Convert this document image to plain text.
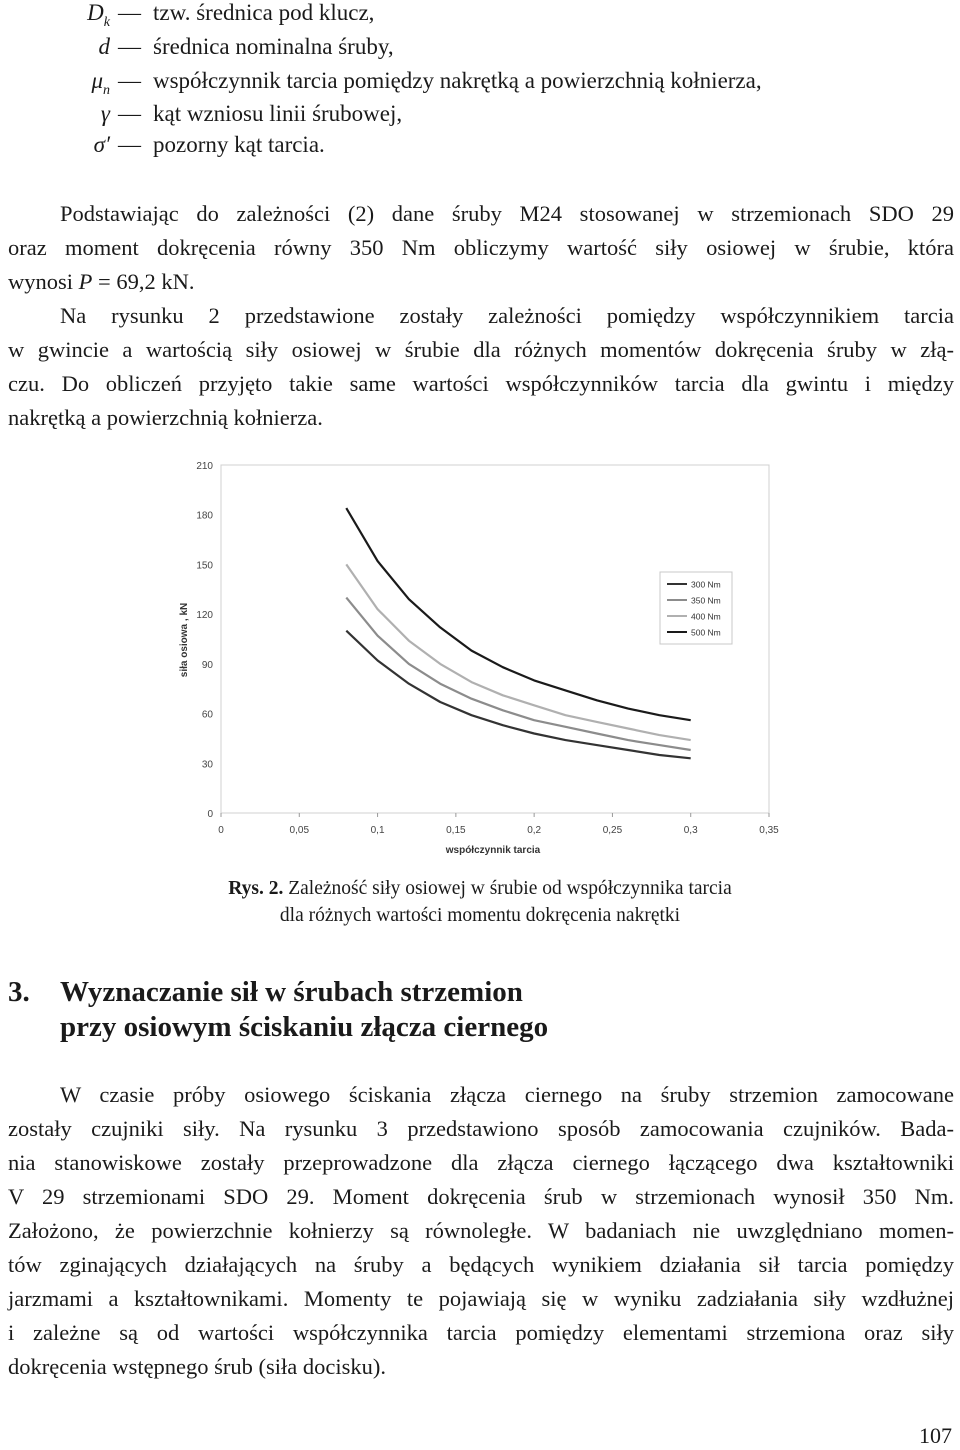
$D_k$ — tzw. średnica pod klucz,
d — średnica nominalna śruby,
$\mu_n$ — współczynnik tarcia pomiędzy nakrętką a powierzchnią kołnierza,
γ — kąt wzniosu linii śrubowej,
σ′ — pozorny kąt tarcia.
Podstawiając do zależności (2) dane śruby M24 stosowanej w strzemionach SDO 29
oraz moment dokręcenia równy 350 Nm obliczymy wartość siły osiowej w śrubie, która
wynosi P = 69,2 kN.
Na rysunku 2 przedstawione zostały zależności pomiędzy współczynnikiem tarcia
w gwincie a wartością siły osiowej w śrubie dla różnych momentów dokręcenia śruby w złą-
czu. Do obliczeń przyjęto takie same wartości współczynników tarcia dla gwintu i między
nakrętką a powierzchnią kołnierza.
0
30
60
90
120
150
180
210
0	0,05	0,1	0,15	0,2	0,25	0,3	0,35
300 Nm
350 Nm
400 Nm
500 Nm
siła osiowa , kN
współczynnik tarcia
Rys. 2. Zależność siły osiowej w śrubie od współczynnika tarcia
dla różnych wartości momentu dokręcenia nakrętki
3. Wyznaczanie sił w śrubach strzemion
przy osiowym ściskaniu złącza ciernego
W czasie próby osiowego ściskania złącza ciernego na śruby strzemion zamocowane
zostały czujniki siły. Na rysunku 3 przedstawiono sposób zamocowania czujników. Bada-
nia stanowiskowe zostały przeprowadzone dla złącza ciernego łączącego dwa kształtowniki
V 29 strzemionami SDO 29. Moment dokręcenia śrub w strzemionach wynosił 350 Nm.
Założono, że powierzchnie kołnierzy są równoległe. W badaniach nie uwzględniano momen-
tów zginających działających na śruby a będących wynikiem działania sił tarcia pomiędzy
jarzmami a kształtownikami. Momenty te pojawiają się w wyniku zadziałania siły wzdłużnej
i zależne są od wartości współczynnika tarcia pomiędzy elementami strzemiona oraz siły
dokręcenia wstępnego śrub (siła docisku).
107
